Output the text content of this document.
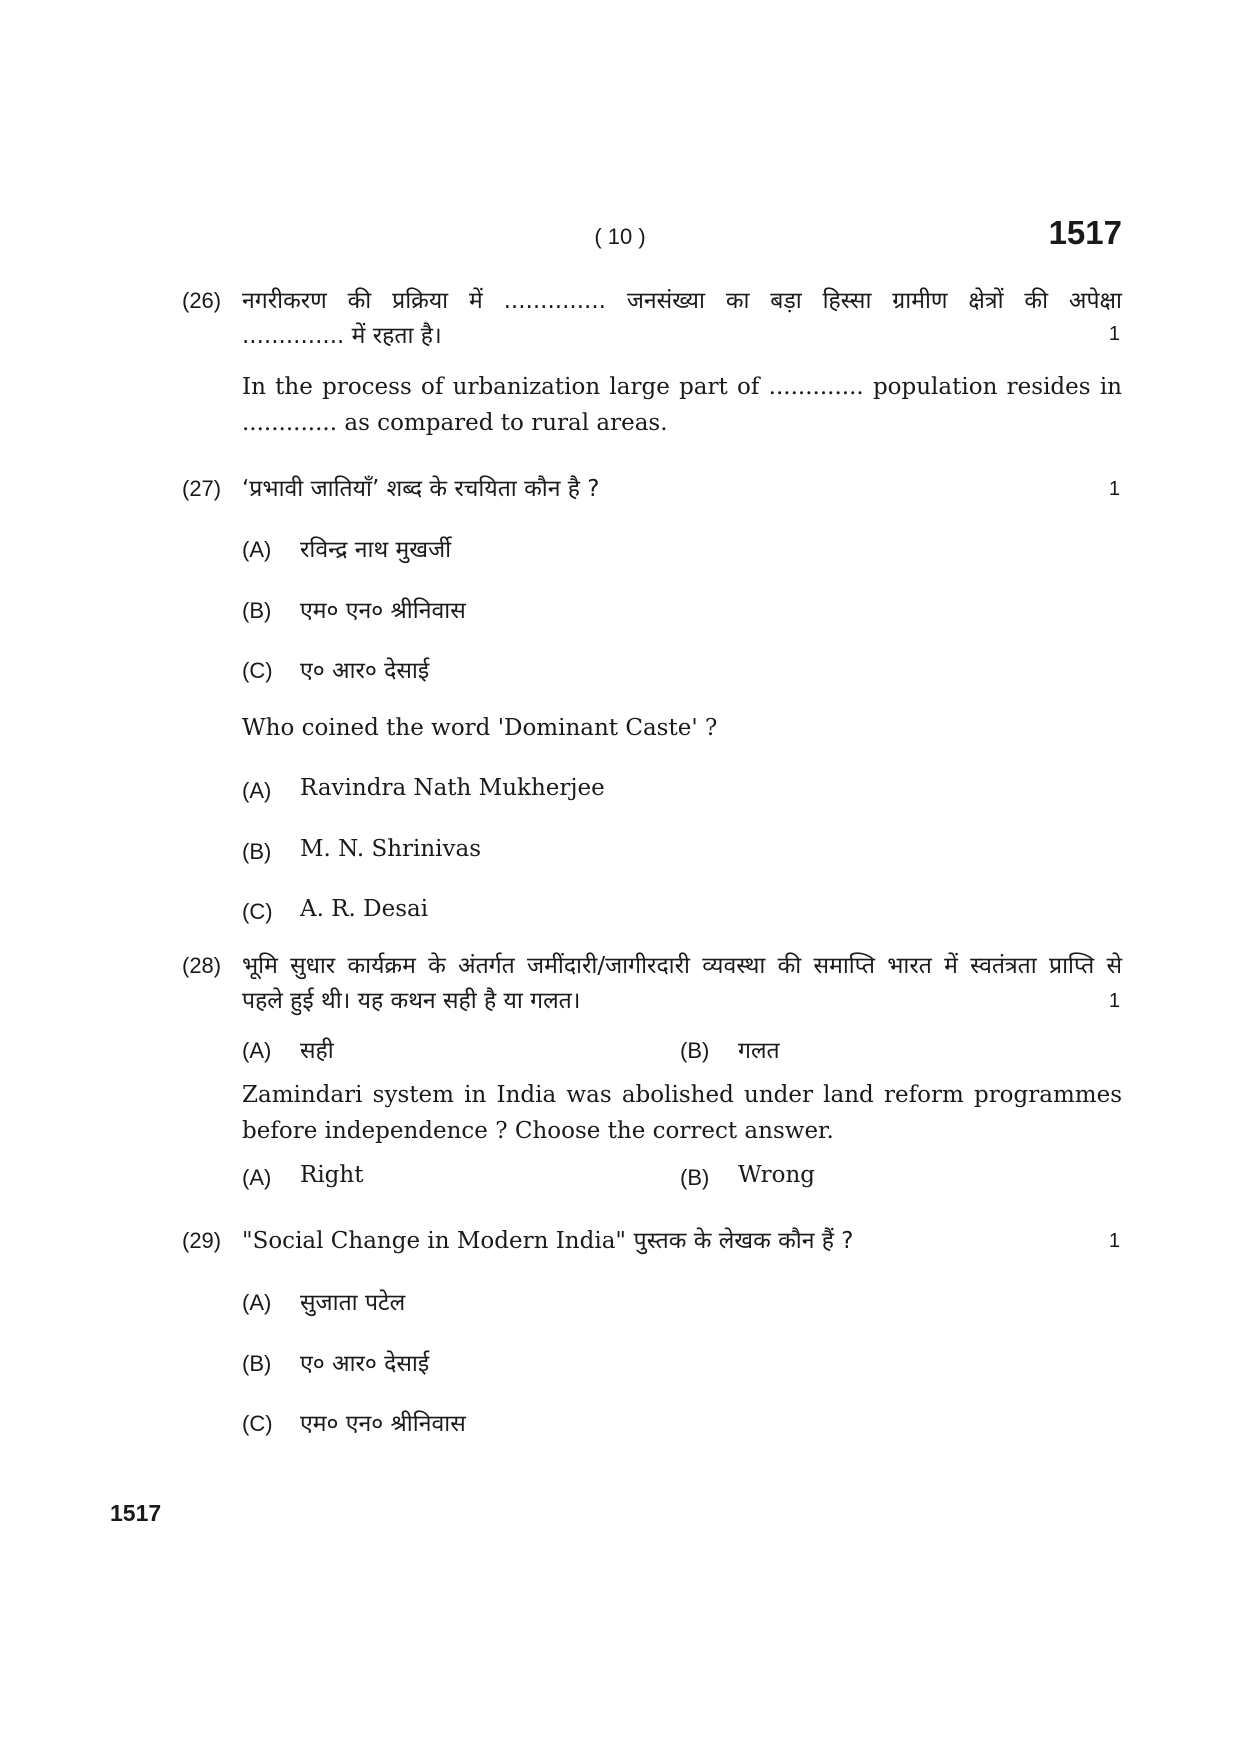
( 10 )	1517
(26) नगरीकरण की प्रक्रिया में .............. जनसंख्या का बड़ा हिस्सा ग्रामीण क्षेत्रों की अपेक्षा
.............. में रहता है।	1
In the process of urbanization large part of ............. population resides in
............. as compared to rural areas.
(27) ‘प्रभावी जातियाँ’ शब्द के रचयिता कौन है ?	1
(A) रविन्द्र नाथ मुखर्जी
(B) एम० एन० श्रीनिवास
(C) ए० आर० देसाई
Who coined the word 'Dominant Caste' ?
(A) Ravindra Nath Mukherjee
(B) M. N. Shrinivas
(C) A. R. Desai
(28) भूमि सुधार कार्यक्रम के अंतर्गत जमींदारी/जागीरदारी व्यवस्था की समाप्ति भारत में स्वतंत्रता प्राप्ति से
पहले हुई थी। यह कथन सही है या गलत।	1
(A) सही	(B) गलत
Zamindari system in India was abolished under land reform programmes
before independence ? Choose the correct answer.
(A) Right	(B) Wrong
(29) "Social Change in Modern India" पुस्तक के लेखक कौन हैं ?	1
(A) सुजाता पटेल
(B) ए० आर० देसाई
(C) एम० एन० श्रीनिवास
1517
